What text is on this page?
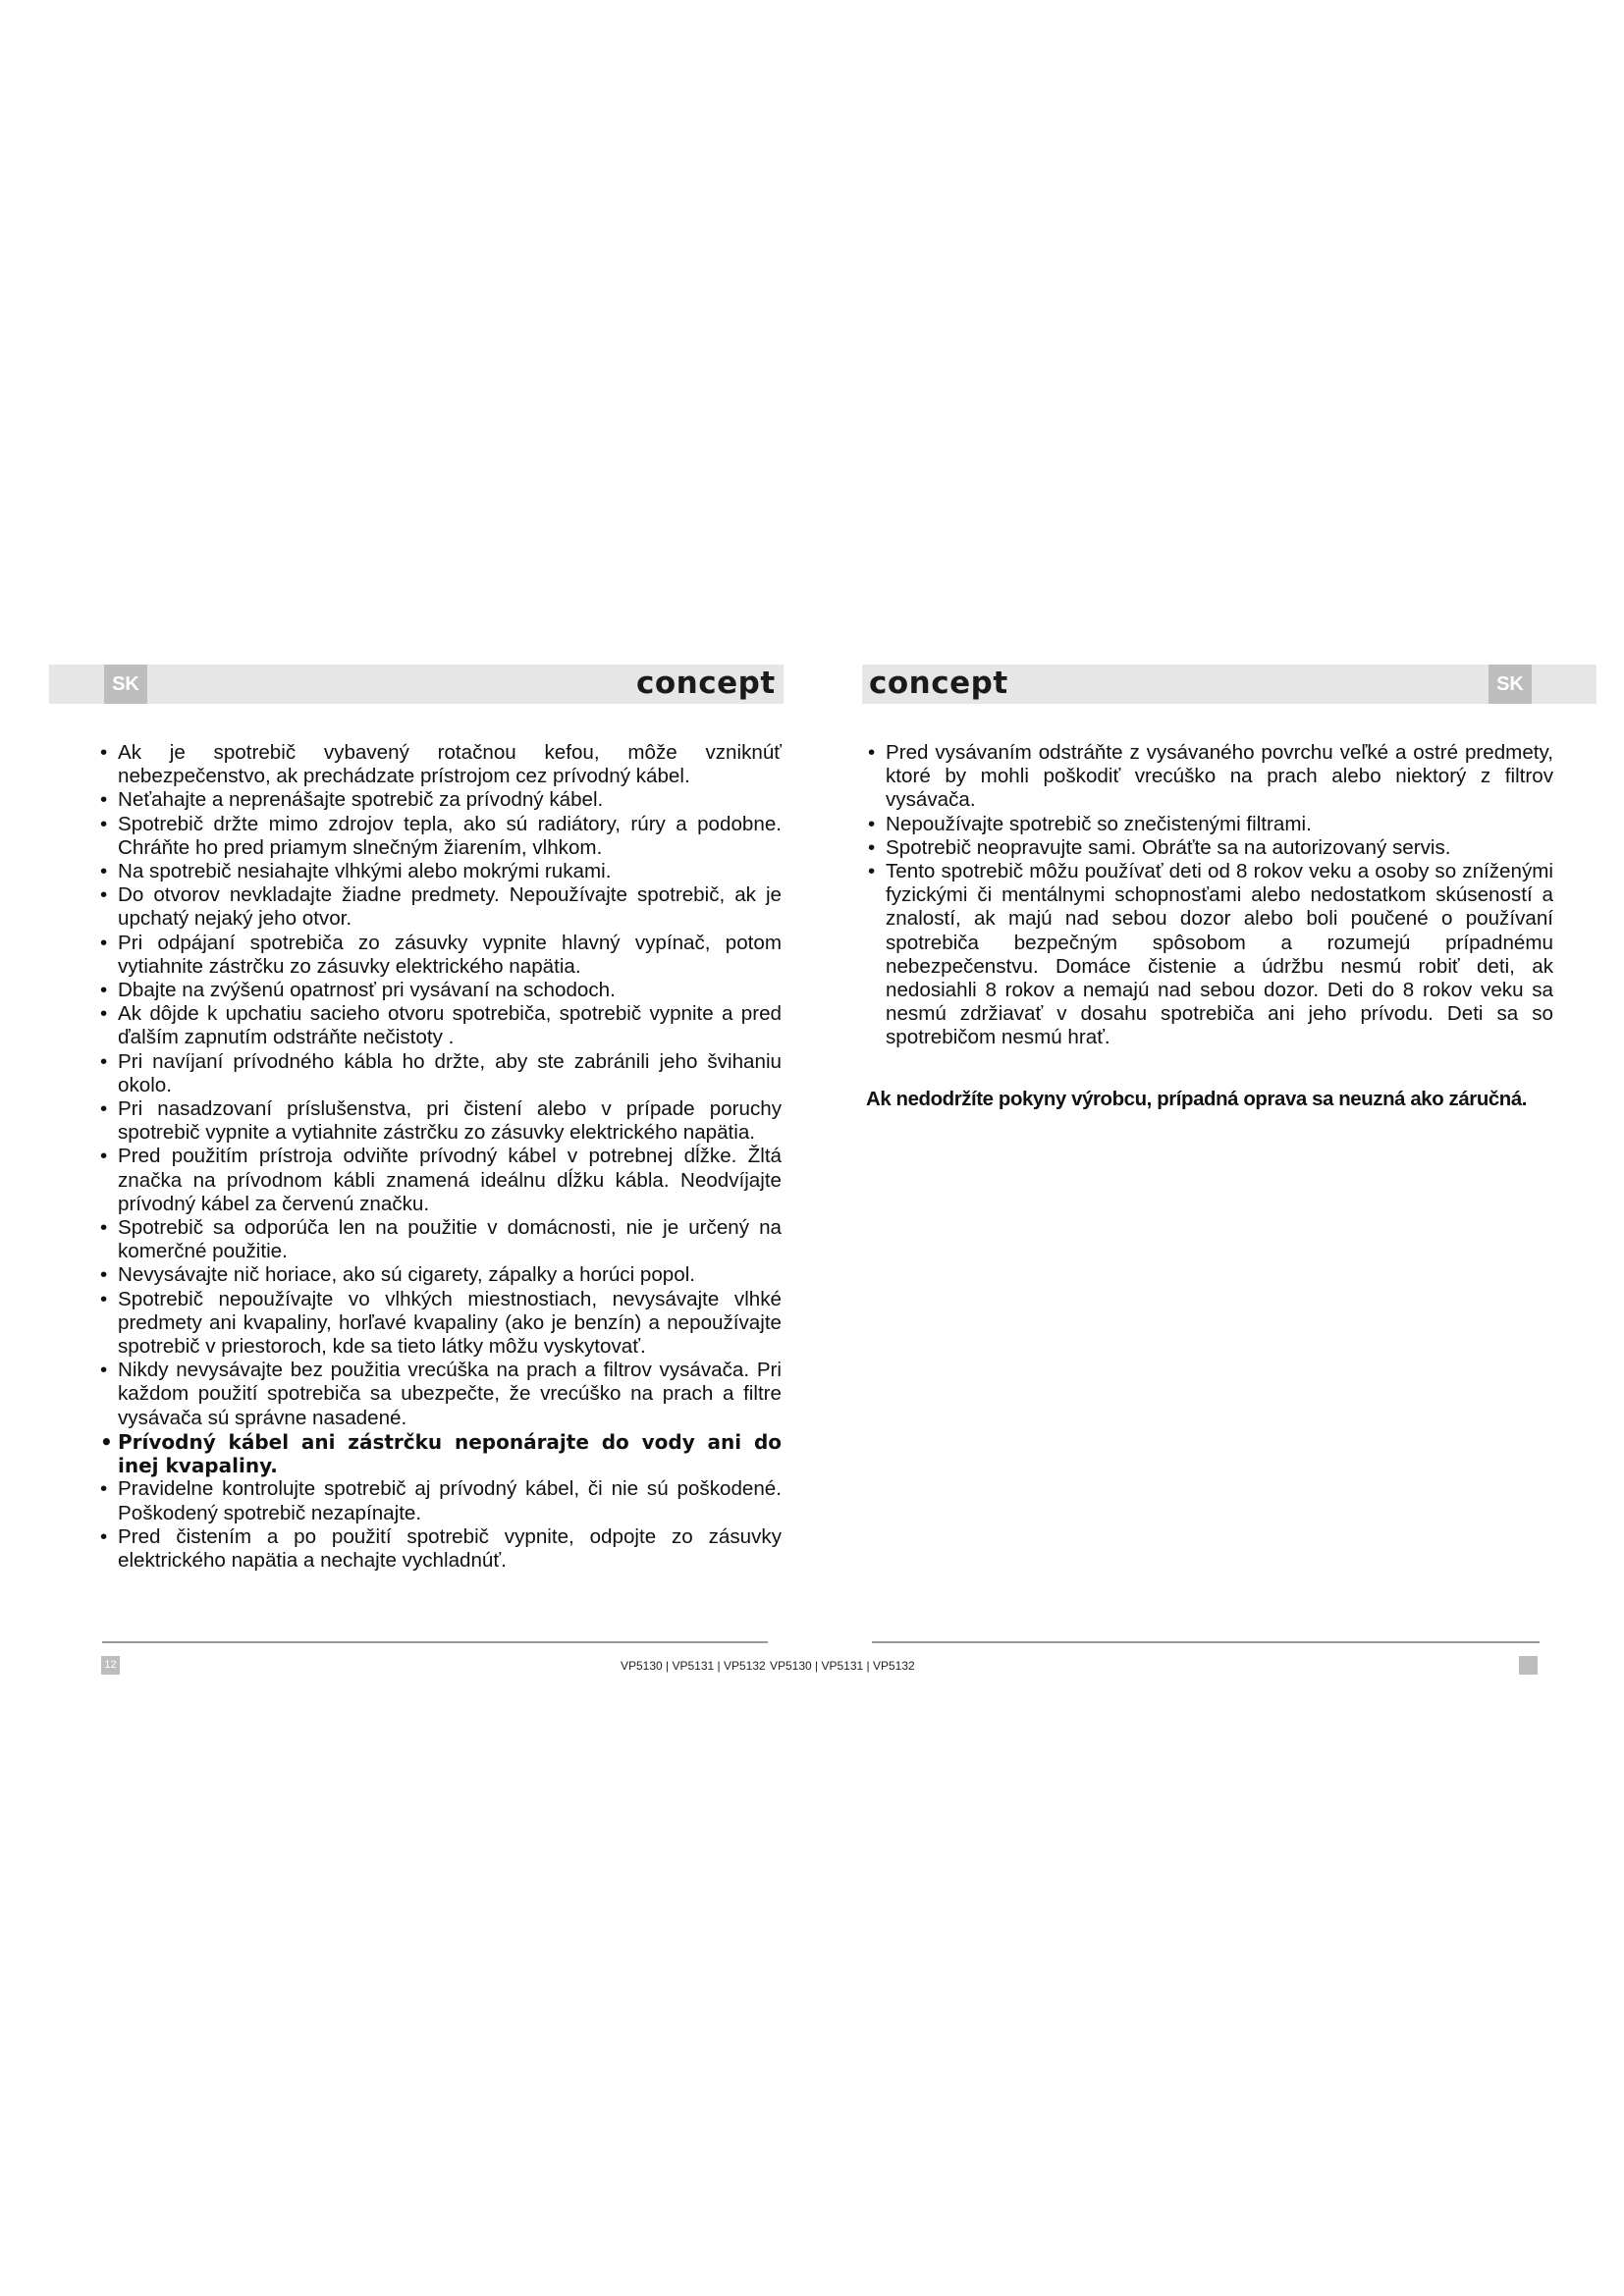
SK	SK
concept	concept
• Ak je spotrebič vybavený rotačnou kefou, môže vzniknúť nebezpečenstvo, ak prechádzate prístrojom cez prívodný kábel.
• Neťahajte a neprenášajte spotrebič za prívodný kábel.
• Spotrebič držte mimo zdrojov tepla, ako sú radiátory, rúry a podobne. Chráňte ho pred priamym slnečným žiarením, vlhkom.
• Na spotrebič nesiahajte vlhkými alebo mokrými rukami.
• Do otvorov nevkladajte žiadne predmety. Nepoužívajte spotrebič, ak je upchatý nejaký jeho otvor.
• Pri odpájaní spotrebiča zo zásuvky vypnite hlavný vypínač, potom vytiahnite zástrčku zo zásuvky elektrického napätia.
• Dbajte na zvýšenú opatrnosť pri vysávaní na schodoch.
• Ak dôjde k upchatiu sacieho otvoru spotrebiča, spotrebič vypnite a pred ďalším zapnutím odstráňte nečistoty .
• Pri navíjaní prívodného kábla ho držte, aby ste zabránili jeho švihaniu okolo.
• Pri nasadzovaní príslušenstva, pri čistení alebo v prípade poruchy spotrebič vypnite a vytiahnite zástrčku zo zásuvky elektrického napätia.
• Pred použitím prístroja odviňte prívodný kábel v potrebnej dĺžke. Žltá značka na prívodnom kábli znamená ideálnu dĺžku kábla. Neodvíjajte prívodný kábel za červenú značku.
• Spotrebič sa odporúča len na použitie v domácnosti, nie je určený na komerčné použitie.
• Nevysávajte nič horiace, ako sú cigarety, zápalky a horúci popol.
• Spotrebič nepoužívajte vo vlhkých miestnostiach, nevysávajte vlhké predmety ani kvapaliny, horľavé kvapaliny (ako je benzín) a nepoužívajte spotrebič v priestoroch, kde sa tieto látky môžu vyskytovať.
• Nikdy nevysávajte bez použitia vrecúška na prach a filtrov vysávača. Pri každom použití spotrebiča sa ubezpečte, že vrecúško na prach a filtre vysávača sú správne nasadené.
• Prívodný kábel ani zástrčku neponárajte do vody ani do inej kvapaliny.
• Pravidelne kontrolujte spotrebič aj prívodný kábel, či nie sú poškodené. Poškodený spotrebič nezapínajte.
• Pred čistením a po použití spotrebič vypnite, odpojte zo zásuvky elektrického napätia a nechajte vychladnúť.
• Pred vysávaním odstráňte z vysávaného povrchu veľké a ostré predmety, ktoré by mohli poškodiť vrecúško na prach alebo niektorý z filtrov vysávača.
• Nepoužívajte spotrebič so znečistenými filtrami.
• Spotrebič neopravujte sami. Obráťte sa na autorizovaný servis.
• Tento spotrebič môžu používať deti od 8 rokov veku a osoby so zníženými fyzickými či mentálnymi schopnosťami alebo nedostatkom skúseností a znalostí, ak majú nad sebou dozor alebo boli poučené o používaní spotrebiča bezpečným spôsobom a rozumejú prípadnému nebezpečenstvu. Domáce čistenie a údržbu nesmú robiť deti, ak nedosiahli 8 rokov a nemajú nad sebou dozor. Deti do 8 rokov veku sa nesmú zdržiavať v dosahu spotrebiča ani jeho prívodu. Deti sa so spotrebičom nesmú hrať.
Ak nedodržíte pokyny výrobcu, prípadná oprava sa neuzná ako záručná.
12	VP5130 | VP5131 | VP5132 VP5130 | VP5131 | VP5132
